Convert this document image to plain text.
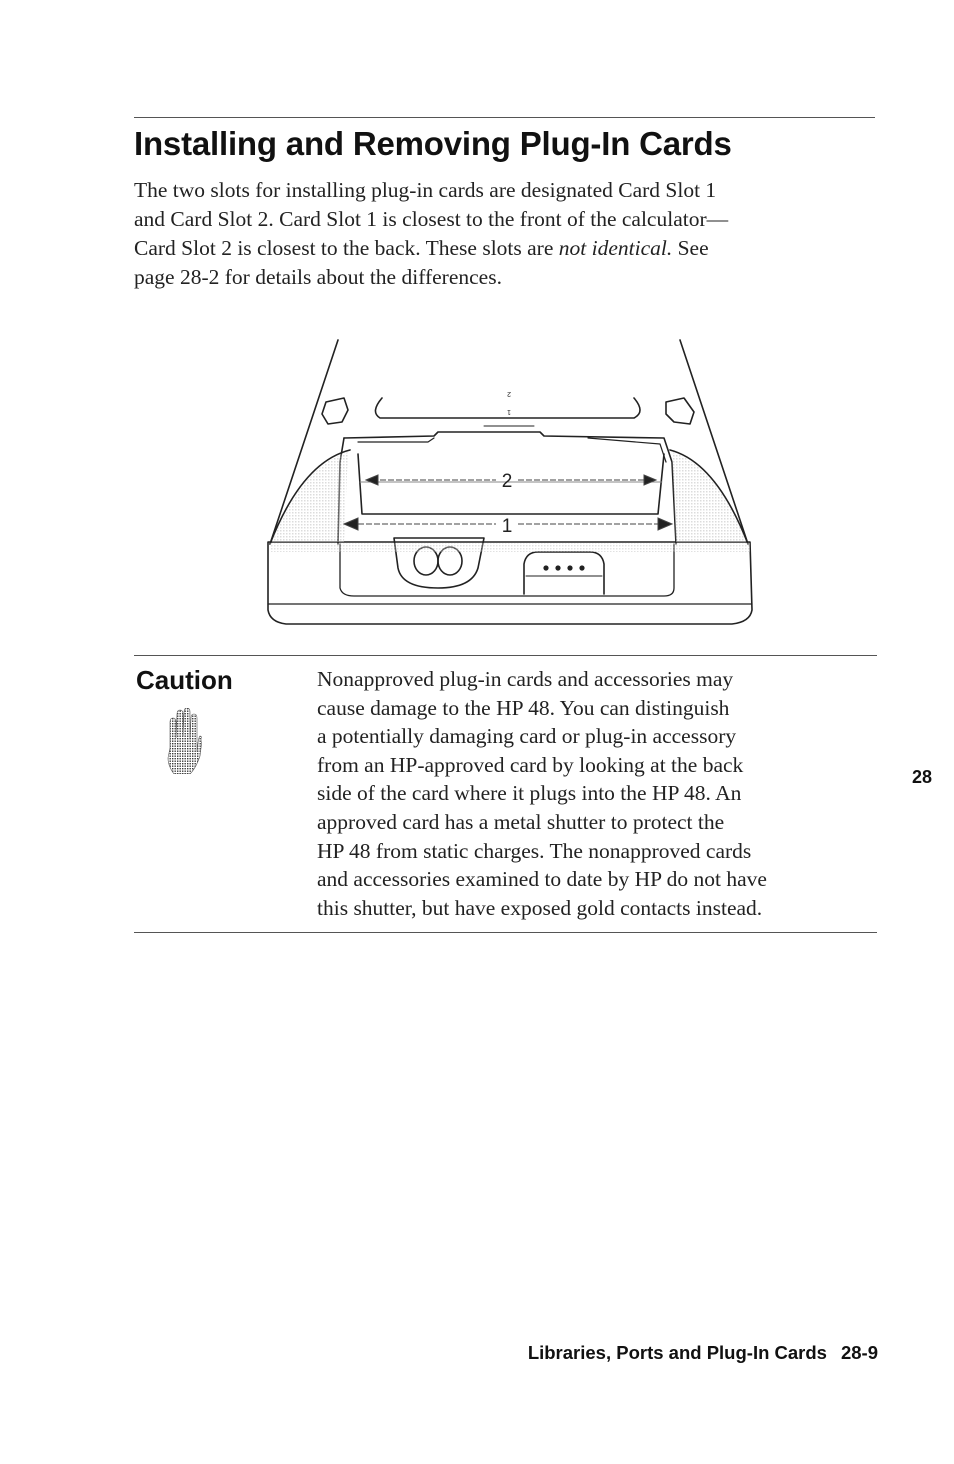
Installing and Removing Plug-In Cards

The two slots for installing plug-in cards are designated Card Slot 1
and Card Slot 2. Card Slot 1 is closest to the front of the calculator—
Card Slot 2 is closest to the back. These slots are not identical. See
page 28-2 for details about the differences.

2
1
2
1
Caution	Nonapproved plug-in cards and accessories may
cause damage to the HP 48. You can distinguish
a potentially damaging card or plug-in accessory
from an HP-approved card by looking at the back
side of the card where it plugs into the HP 48. An
approved card has a metal shutter to protect the
HP 48 from static charges. The nonapproved cards
and accessories examined to date by HP do not have
this shutter, but have exposed gold contacts instead.
28
Libraries, Ports and Plug-In Cards 28-9
